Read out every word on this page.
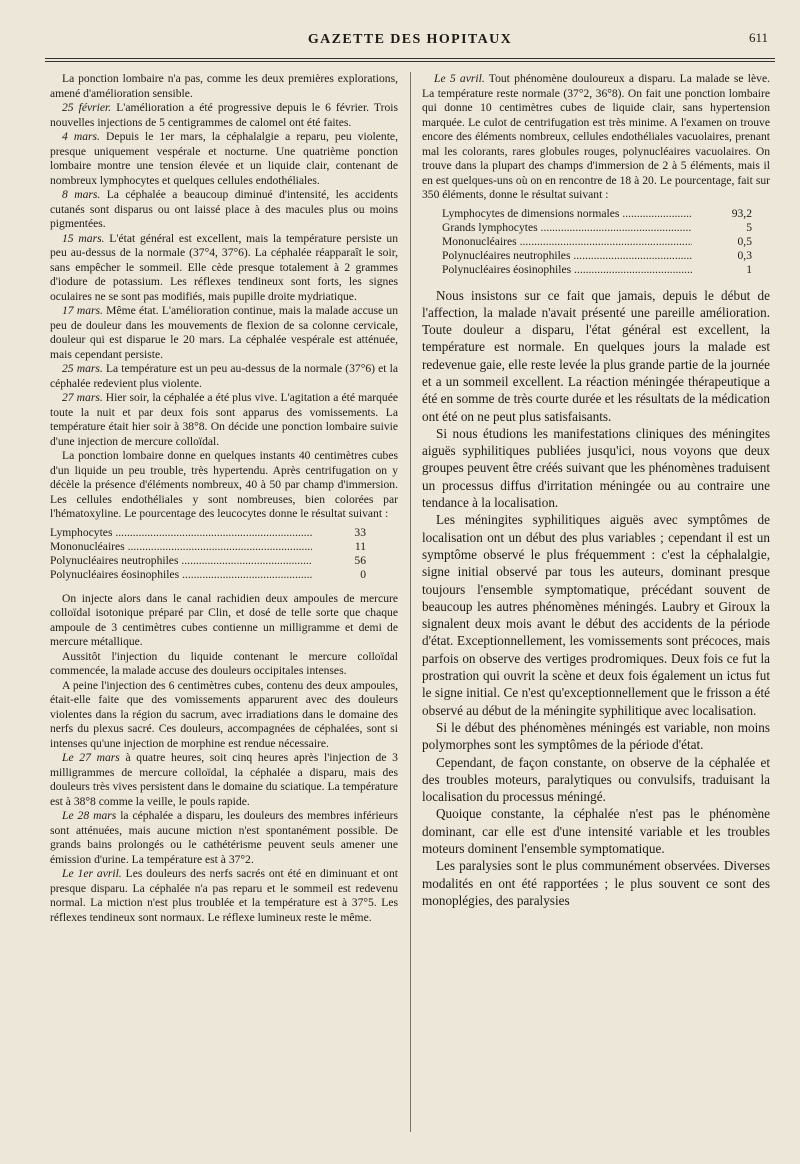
GAZETTE DES HOPITAUX	611

La ponction lombaire n'a pas, comme les deux premières explorations, amené d'amélioration sensible.

25 février. L'amélioration a été progressive depuis le 6 février. Trois nouvelles injections de 5 centigrammes de calomel ont été faites.

4 mars. Depuis le 1er mars, la céphalalgie a reparu, peu violente, presque uniquement vespérale et nocturne. Une quatrième ponction lombaire montre une tension élevée et un liquide clair, contenant de nombreux lymphocytes et quelques cellules endothéliales.

8 mars. La céphalée a beaucoup diminué d'intensité, les accidents cutanés sont disparus ou ont laissé place à des macules plus ou moins pigmentées.

15 mars. L'état général est excellent, mais la température persiste un peu au-dessus de la normale (37°4, 37°6). La céphalée réapparaît le soir, sans empêcher le sommeil. Elle cède presque totalement à 2 grammes d'iodure de potassium. Les réflexes tendineux sont forts, les signes oculaires ne se sont pas modifiés, mais pupille droite mydriatique.

17 mars. Même état. L'amélioration continue, mais la malade accuse un peu de douleur dans les mouvements de flexion de sa colonne cervicale, douleur qui est disparue le 20 mars. La céphalée vespérale est atténuée, mais cependant persiste.

25 mars. La température est un peu au-dessus de la normale (37°6) et la céphalée redevient plus violente.

27 mars. Hier soir, la céphalée a été plus vive. L'agitation a été marquée toute la nuit et par deux fois sont apparus des vomissements. La température était hier soir à 38°8. On décide une ponction lombaire suivie d'une injection de mercure colloïdal.

La ponction lombaire donne en quelques instants 40 centimètres cubes d'un liquide un peu trouble, très hypertendu. Après centrifugation on y décèle la présence d'éléments nombreux, 40 à 50 par champ d'immersion. Les cellules endothéliales y sont nombreuses, bien colorées par l'hématoxyline. Le pourcentage des leucocytes donne le résultat suivant :

Lymphocytes .....	33
Mononucléaires .....	11
Polynucléaires neutrophiles .....	56
Polynucléaires éosinophiles .....	0

On injecte alors dans le canal rachidien deux ampoules de mercure colloïdal isotonique préparé par Clin, et dosé de telle sorte que chaque ampoule de 3 centimètres cubes contienne un milligramme et demi de mercure métallique.

Aussitôt l'injection du liquide contenant le mercure colloïdal commencée, la malade accuse des douleurs occipitales intenses.

A peine l'injection des 6 centimètres cubes, contenu des deux ampoules, était-elle faite que des vomissements apparurent avec des douleurs violentes dans la région du sacrum, avec irradiations dans le domaine des nerfs du plexus sacré. Ces douleurs, accompagnées de céphalées, sont si intenses qu'une injection de morphine est rendue nécessaire.

Le 27 mars à quatre heures, soit cinq heures après l'injection de 3 milligrammes de mercure colloïdal, la céphalée a disparu, mais des douleurs très vives persistent dans le domaine du sciatique. La température est à 38°8 comme la veille, le pouls rapide.

Le 28 mars la céphalée a disparu, les douleurs des membres inférieurs sont atténuées, mais aucune miction n'est spontanément possible. De grands bains prolongés ou le cathétérisme peuvent seuls amener une émission d'urine. La température est à 37°2.

Le 1er avril. Les douleurs des nerfs sacrés ont été en diminuant et ont presque disparu. La céphalée n'a pas reparu et le sommeil est redevenu normal. La miction n'est plus troublée et la température est à 37°5. Les réflexes tendineux sont normaux. Le réflexe lumineux reste le même.

Le 5 avril. Tout phénomène douloureux a disparu. La malade se lève. La température reste normale (37°2, 36°8). On fait une ponction lombaire qui donne 10 centimètres cubes de liquide clair, sans hypertension marquée. Le culot de centrifugation est très minime. A l'examen on trouve encore des éléments nombreux, cellules endothéliales vacuolaires, prenant mal les colorants, rares globules rouges, polynucléaires vacuolaires. On trouve dans la plupart des champs d'immersion de 2 à 5 éléments, mais il en est quelques-uns où on en rencontre de 18 à 20. Le pourcentage, fait sur 350 éléments, donne le résultat suivant :

Lymphocytes de dimensions normales .....	93,2
Grands lymphocytes .....	5
Mononucléaires .....	0,5
Polynucléaires neutrophiles .....	0,3
Polynucléaires éosinophiles .....	1

Nous insistons sur ce fait que jamais, depuis le début de l'affection, la malade n'avait présenté une pareille amélioration. Toute douleur a disparu, l'état général est excellent, la température est normale. En quelques jours la malade est redevenue gaie, elle reste levée la plus grande partie de la journée et a un sommeil excellent. La réaction méningée thérapeutique a été en somme de très courte durée et les résultats de la médication ont été on ne peut plus satisfaisants.

Si nous étudions les manifestations cliniques des méningites aiguës syphilitiques publiées jusqu'ici, nous voyons que deux groupes peuvent être créés suivant que les phénomènes traduisent un processus diffus d'irritation méningée ou au contraire une tendance à la localisation.

Les méningites syphilitiques aiguës avec symptômes de localisation ont un début des plus variables ; cependant il est un symptôme observé le plus fréquemment : c'est la céphalalgie, signe initial observé par tous les auteurs, dominant presque toujours l'ensemble symptomatique, précédant souvent de beaucoup les autres phénomènes méningés. Laubry et Giroux la signalent deux mois avant le début des accidents de la période d'état. Exceptionnellement, les vomissements sont précoces, mais parfois on observe des vertiges prodromiques. Deux fois ce fut la prostration qui ouvrit la scène et deux fois également un ictus fut le signe initial. Ce n'est qu'exceptionnellement que le frisson a été observé au début de la méningite syphilitique avec localisation.

Si le début des phénomènes méningés est variable, non moins polymorphes sont les symptômes de la période d'état.

Cependant, de façon constante, on observe de la céphalée et des troubles moteurs, paralytiques ou convulsifs, traduisant la localisation du processus méningé.

Quoique constante, la céphalée n'est pas le phénomène dominant, car elle est d'une intensité variable et les troubles moteurs dominent l'ensemble symptomatique.

Les paralysies sont le plus communément observées. Diverses modalités en ont été rapportées ; le plus souvent ce sont des monoplégies, des paralysies
